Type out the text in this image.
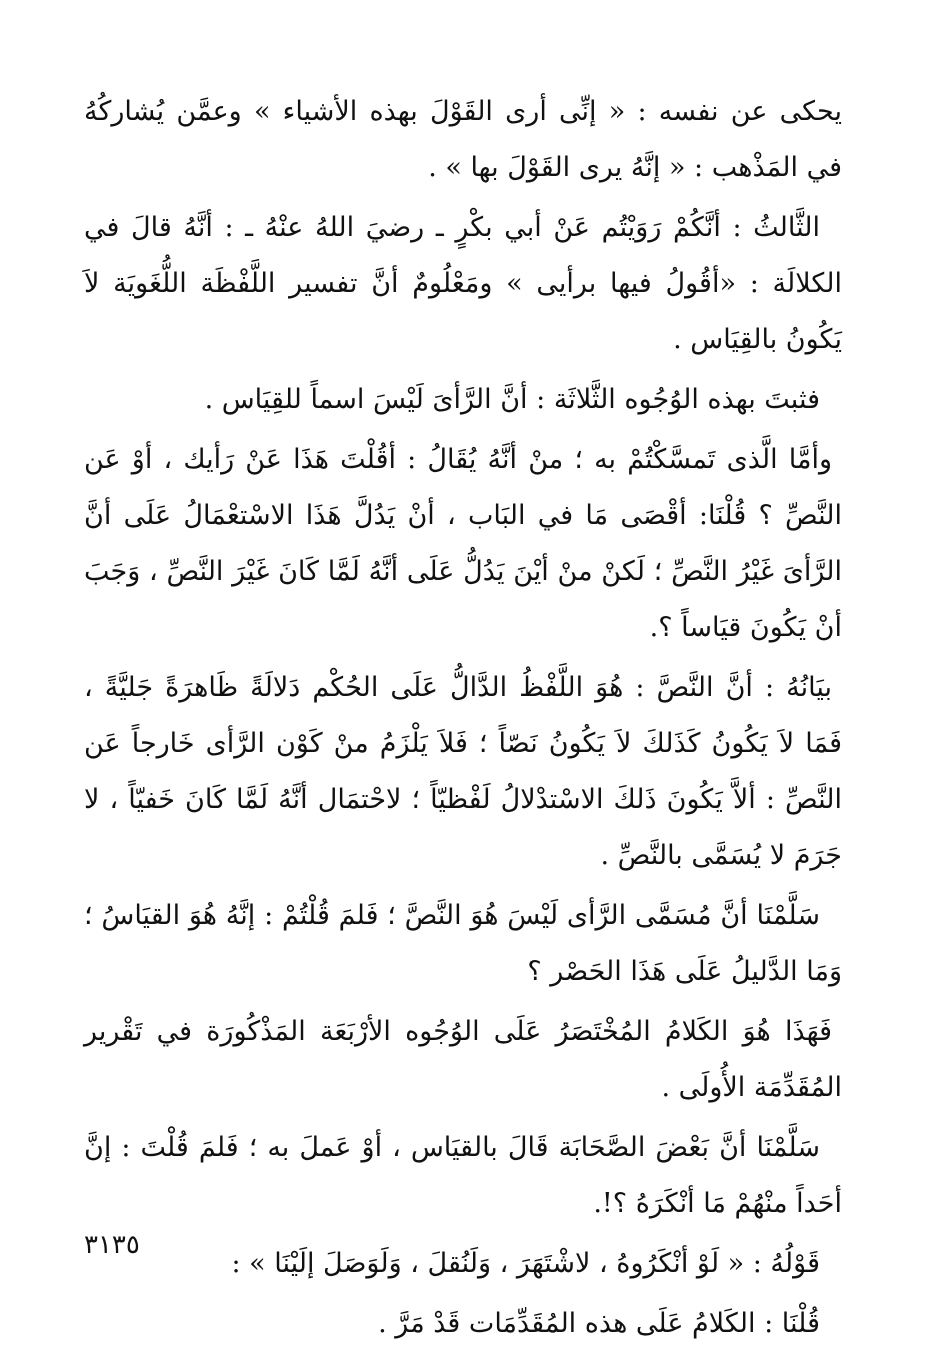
يحكى عن نفسه : « إنِّى أرى القَوْلَ بهذه الأشياء » وعمَّن يُشاركُهُ في المَذْهب : « إنَّهُ يرى القَوْلَ بها » .

الثَّالثُ : أنَّكُمْ رَوَيْتُم عَنْ أبي بكْرٍ ـ رضيَ اللهُ عنْهُ ـ : أنَّهُ قالَ في الكلالَة : «أقُولُ فيها برأيى » ومَعْلُومٌ أنَّ تفسير اللَّفْظَة اللُّغَويَة لاَ يَكُونُ بالقِيَاس .

فثبتَ بهذه الوُجُوه الثَّلاثَة : أنَّ الرَّأىَ لَيْسَ اسماً للقِيَاس .

وأمَّا الَّذى تَمسَّكْتُمْ به ؛ منْ أنَّهُ يُقَالُ : أقُلْتَ هَذَا عَنْ رَأيك ، أوْ عَن النَّصِّ ؟ قُلْنَا: أقْصَى مَا في البَاب ، أنْ يَدُلَّ هَذَا الاسْتعْمَالُ عَلَى أنَّ الرَّأىَ غَيْرُ النَّصِّ ؛ لَكنْ منْ أيْنَ يَدُلُّ عَلَى أنَّهُ لَمَّا كَانَ غَيْرَ النَّصِّ ، وَجَبَ أنْ يَكُونَ قيَاساً ؟.

بيَانُهُ : أنَّ النَّصَّ : هُوَ اللَّفْظُ الدَّالُّ عَلَى الحُكْم دَلالَةً ظَاهرَةً جَليَّةً ، فَمَا لاَ يَكُونُ كَذَلكَ لاَ يَكُونُ نَصّاً ؛ فَلاَ يَلْزَمُ منْ كَوْن الرَّأى خَارجاً عَن النَّصِّ : ألاَّ يَكُونَ ذَلكَ الاسْتدْلالُ لَفْظيّاً ؛ لاحْتمَال أنَّهُ لَمَّا كَانَ خَفيّاً ، لا جَرَمَ لا يُسَمَّى بالنَّصِّ .

سَلَّمْنَا أنَّ مُسَمَّى الرَّأى لَيْسَ هُوَ النَّصَّ ؛ فَلمَ قُلْتُمْ : إنَّهُ هُوَ القيَاسُ ؛ وَمَا الدَّليلُ عَلَى هَذَا الحَصْر ؟

فَهَذَا هُوَ الكَلامُ المُخْتَصَرُ عَلَى الوُجُوه الأرْبَعَة المَذْكُورَة في تَقْرير المُقَدِّمَة الأُولَى .

سَلَّمْنَا أنَّ بَعْضَ الصَّحَابَة قَالَ بالقيَاس ، أوْ عَملَ به ؛ فَلمَ قُلْتَ : إنَّ أحَداً منْهُمْ مَا أنْكَرَهُ ؟!.

قَوْلُهُ : « لَوْ أنْكَرُوهُ ، لاشْتَهَرَ ، وَلَنُقلَ ، وَلَوَصَلَ إلَيْنَا » :

قُلْنَا : الكَلامُ عَلَى هذه المُقَدِّمَات قَدْ مَرَّ .

٣١٣٥
